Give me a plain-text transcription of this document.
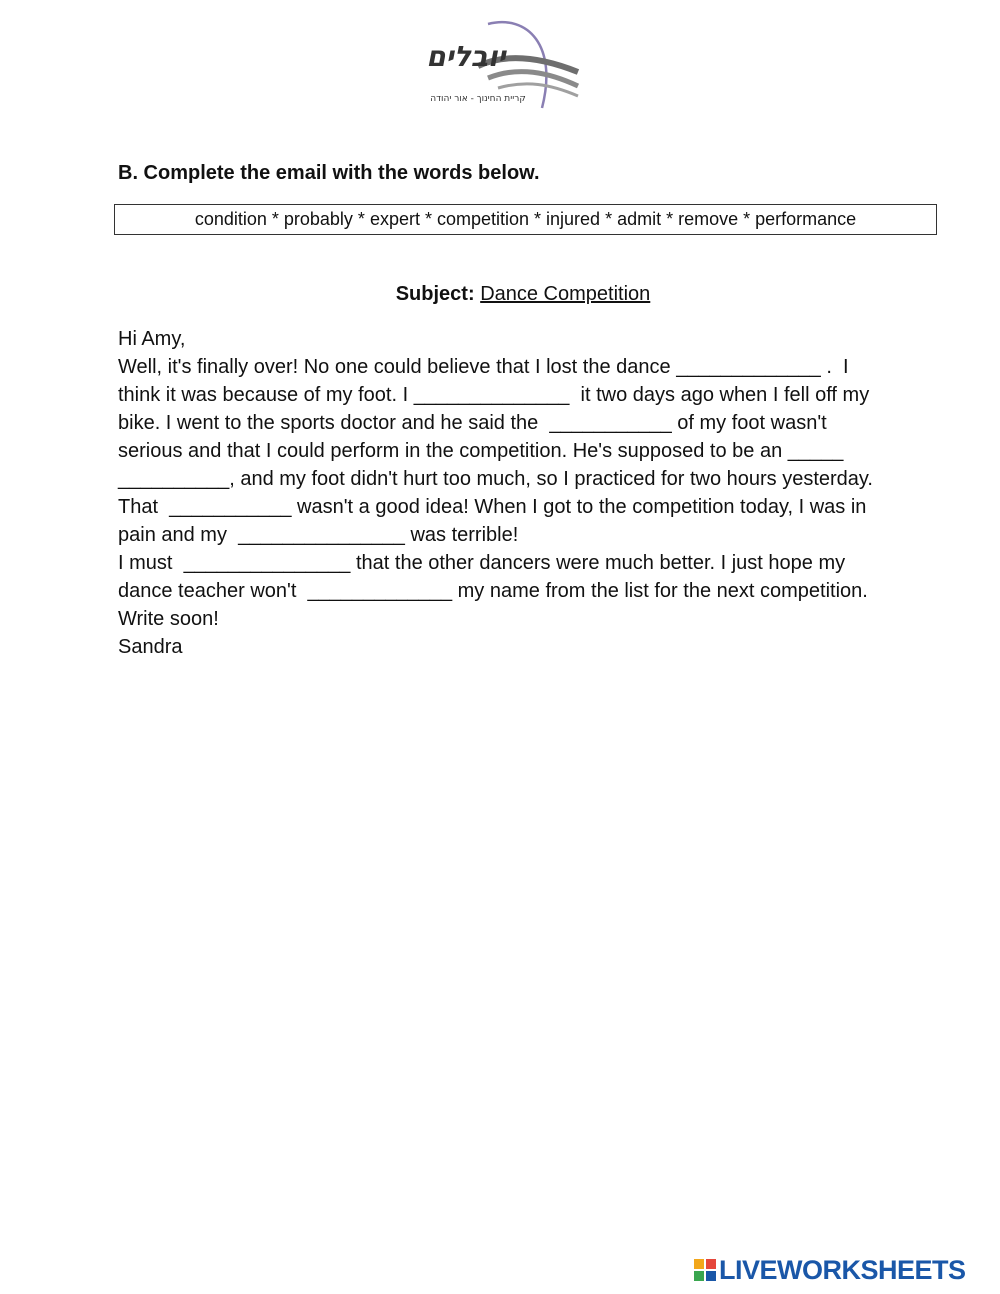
יובלים
קריית החינוך - אור יהודה
B. Complete the email with the words below.
condition * probably * expert * competition * injured * admit * remove * performance
Subject: Dance Competition
Hi Amy,
Well, it's finally over! No one could believe that I lost the dance _____________ .  I
think it was because of my foot. I ______________  it two days ago when I fell off my
bike. I went to the sports doctor and he said the  ___________ of my foot wasn't
serious and that I could perform in the competition. He's supposed to be an _____
__________, and my foot didn't hurt too much, so I practiced for two hours yesterday.
That  ___________ wasn't a good idea! When I got to the competition today, I was in
pain and my  _______________ was terrible!
I must  _______________ that the other dancers were much better. I just hope my
dance teacher won't  _____________ my name from the list for the next competition.
Write soon!
Sandra
LIVEWORKSHEETS
